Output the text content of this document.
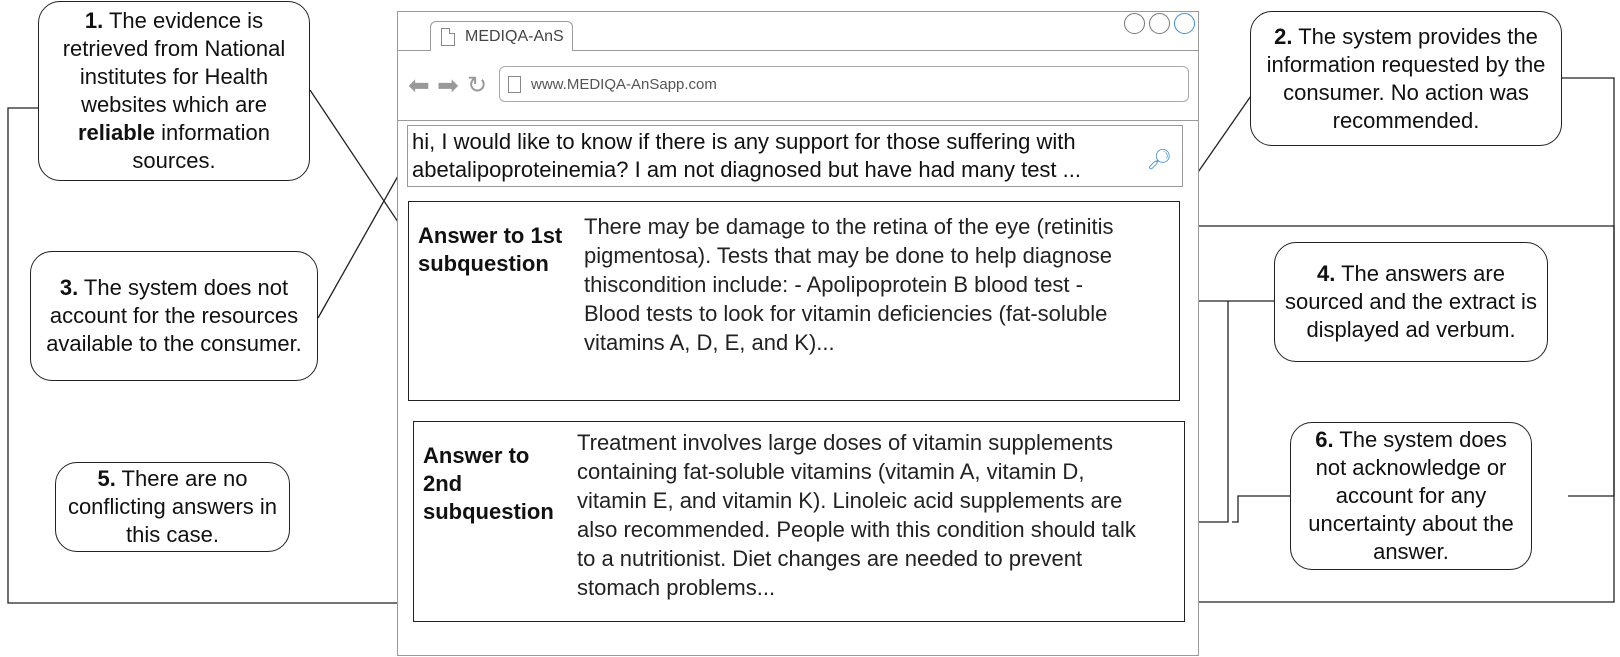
MEDIQA-AnS
⬅ ➡ ↻	www.MEDIQA-AnSapp.com
hi, I would like to know if there is any support for those suffering with abetalipoproteinemia? I am not diagnosed but have had many test ...	🔎︎
Answer to 1st subquestion
There may be damage to the retina of the eye (retinitis pigmentosa). Tests that may be done to help diagnose thiscondition include: - Apolipoprotein B blood test - Blood tests to look for vitamin deficiencies (fat-soluble vitamins A, D, E, and K)...
Answer to 2nd subquestion
Treatment involves large doses of vitamin supplements containing fat-soluble vitamins (vitamin A, vitamin D, vitamin E, and vitamin K). Linoleic acid supplements are also recommended. People with this condition should talk to a nutritionist. Diet changes are needed to prevent stomach problems...
1. The evidence is retrieved from National institutes for Health websites which are reliable information sources.
2. The system provides the information requested by the consumer. No action was recommended.
3. The system does not account for the resources available to the consumer.
4. The answers are sourced and the extract is displayed ad verbum.
5. There are no conflicting answers in this case.
6. The system does not acknowledge or account for any uncertainty about the answer.
